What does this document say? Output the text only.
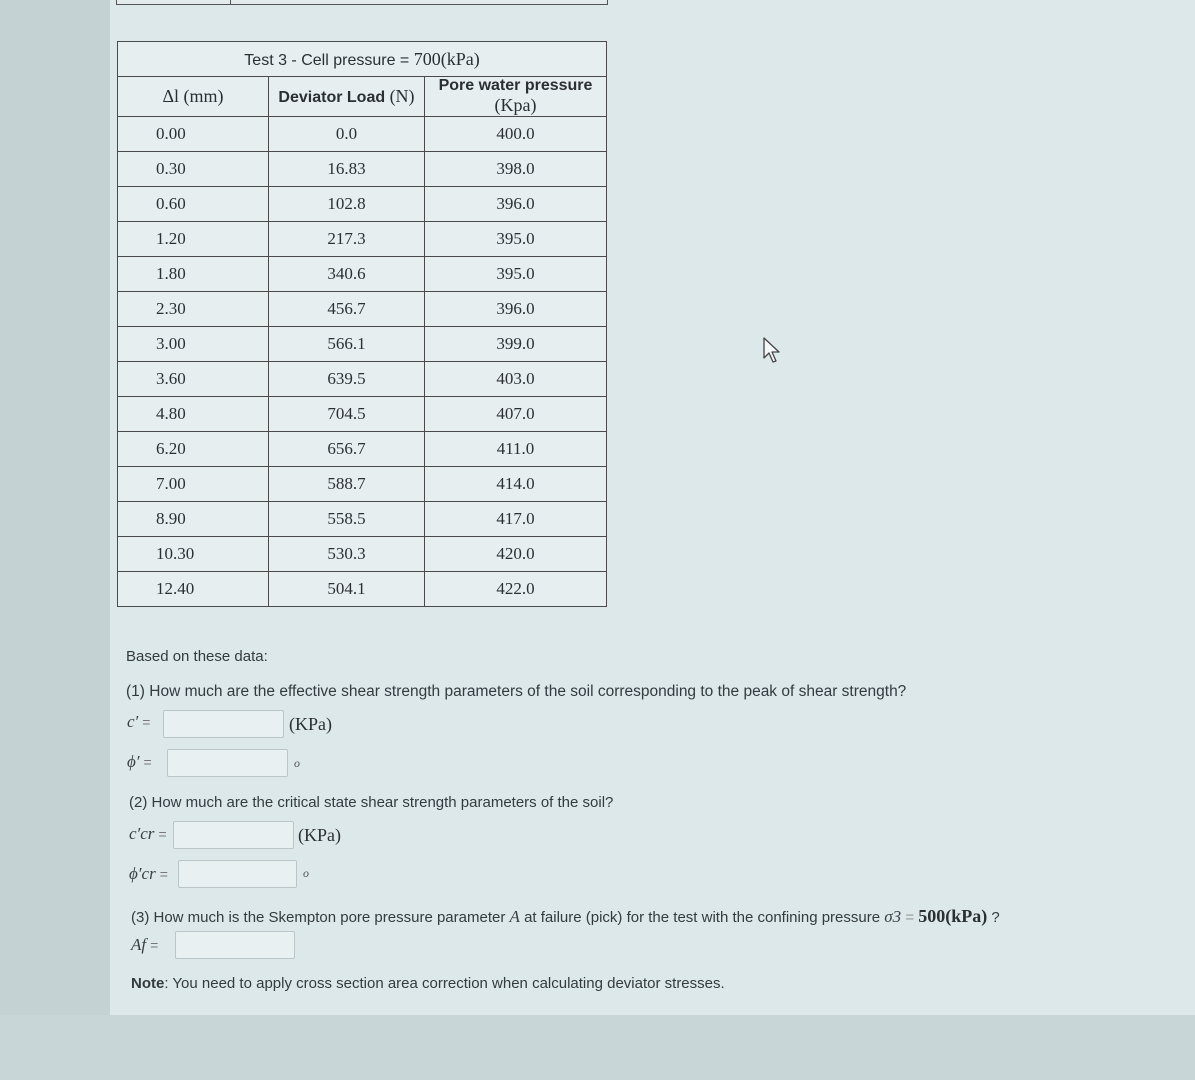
Test 3 - Cell pressure = 700(kPa)		
Δl (mm)	Deviator Load (N)	Pore water pressure (Kpa)
0.00	0.0	400.0
0.30	16.83	398.0
0.60	102.8	396.0
1.20	217.3	395.0
1.80	340.6	395.0
2.30	456.7	396.0
3.00	566.1	399.0
3.60	639.5	403.0
4.80	704.5	407.0
6.20	656.7	411.0
7.00	588.7	414.0
8.90	558.5	417.0
10.30	530.3	420.0
12.40	504.1	422.0
Based on these data:
(1) How much are the effective shear strength parameters of the soil corresponding to the peak of shear strength?
c′ =	(KPa)
ϕ′ =	o
(2) How much are the critical state shear strength parameters of the soil?
c′cr =	(KPa)
ϕ′cr =	o
(3) How much is the Skempton pore pressure parameter A at failure (pick) for the test with the confining pressure σ3 = 500(kPa) ?
Af =
Note: You need to apply cross section area correction when calculating deviator stresses.
